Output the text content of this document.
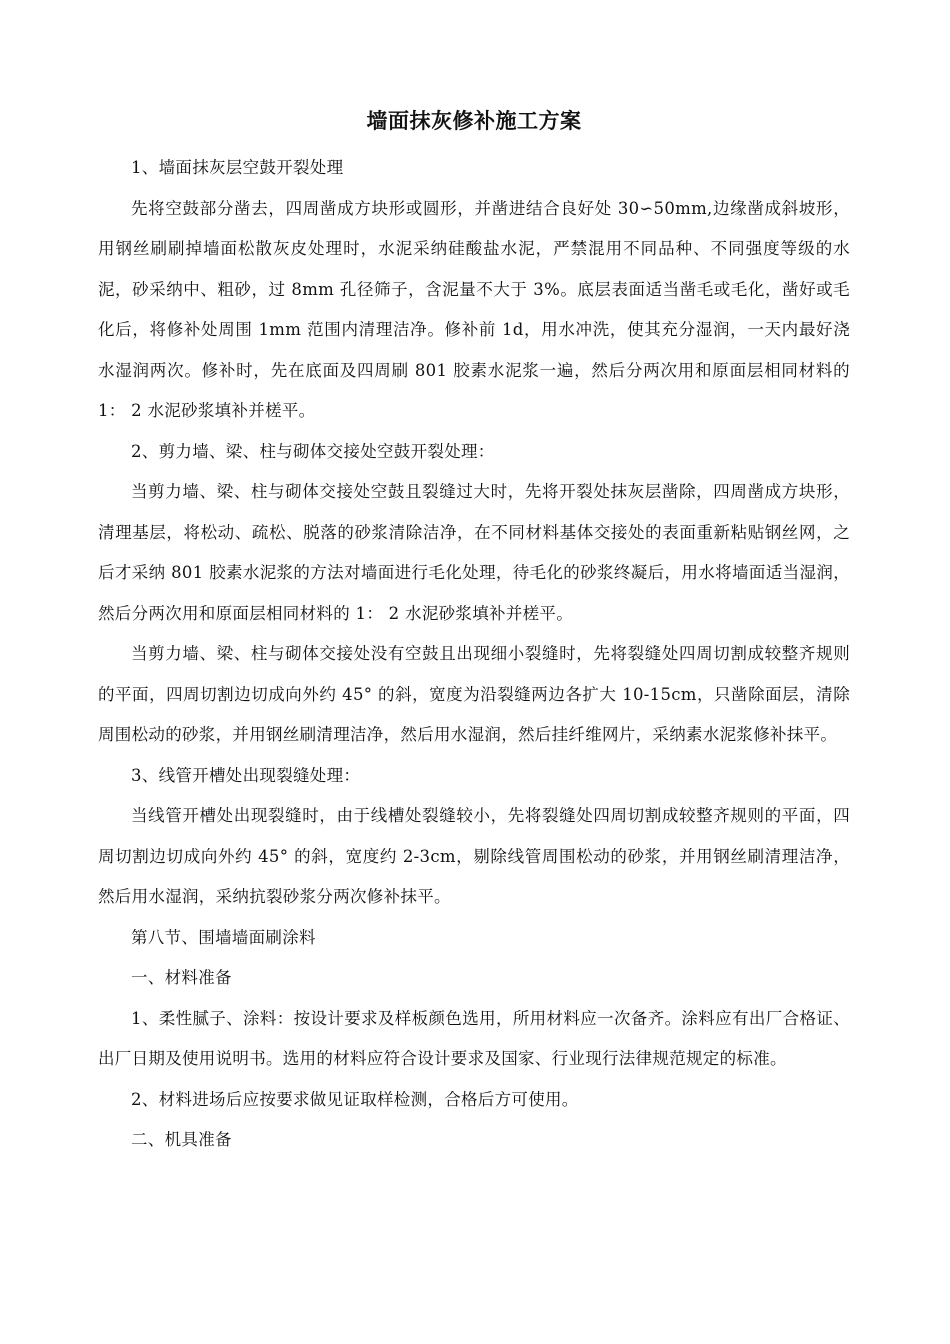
墙面抹灰修补施工方案

1、墙面抹灰层空鼓开裂处理

先将空鼓部分凿去，四周凿成方块形或圆形，并凿进结合良好处 30∽50mm,边缘凿成斜坡形，用钢丝刷刷掉墙面松散灰皮处理时，水泥采纳硅酸盐水泥，严禁混用不同品种、不同强度等级的水泥，砂采纳中、粗砂，过 8mm 孔径筛子，含泥量不大于 3%。底层表面适当凿毛或毛化，凿好或毛化后，将修补处周围 1mm 范围内清理洁净。修补前 1d，用水冲洗，使其充分湿润，一天内最好浇水湿润两次。修补时，先在底面及四周刷 801 胶素水泥浆一遍，然后分两次用和原面层相同材料的 1： 2 水泥砂浆填补并槎平。

2、剪力墙、梁、柱与砌体交接处空鼓开裂处理：

当剪力墙、梁、柱与砌体交接处空鼓且裂缝过大时，先将开裂处抹灰层凿除，四周凿成方块形，清理基层，将松动、疏松、脱落的砂浆清除洁净，在不同材料基体交接处的表面重新粘贴钢丝网，之后才采纳 801 胶素水泥浆的方法对墙面进行毛化处理，待毛化的砂浆终凝后，用水将墙面适当湿润，然后分两次用和原面层相同材料的 1： 2 水泥砂浆填补并槎平。

当剪力墙、梁、柱与砌体交接处没有空鼓且出现细小裂缝时，先将裂缝处四周切割成较整齐规则的平面，四周切割边切成向外约 45° 的斜，宽度为沿裂缝两边各扩大 10-15cm，只凿除面层，清除周围松动的砂浆，并用钢丝刷清理洁净，然后用水湿润，然后挂纤维网片，采纳素水泥浆修补抹平。

3、线管开槽处出现裂缝处理：

当线管开槽处出现裂缝时，由于线槽处裂缝较小，先将裂缝处四周切割成较整齐规则的平面，四周切割边切成向外约 45° 的斜，宽度约 2-3cm，剔除线管周围松动的砂浆，并用钢丝刷清理洁净，然后用水湿润，采纳抗裂砂浆分两次修补抹平。

第八节、围墙墙面刷涂料

一、材料准备

1、柔性腻子、涂料：按设计要求及样板颜色选用，所用材料应一次备齐。涂料应有出厂合格证、出厂日期及使用说明书。选用的材料应符合设计要求及国家、行业现行法律规范规定的标准。

2、材料进场后应按要求做见证取样检测，合格后方可使用。

二、机具准备
